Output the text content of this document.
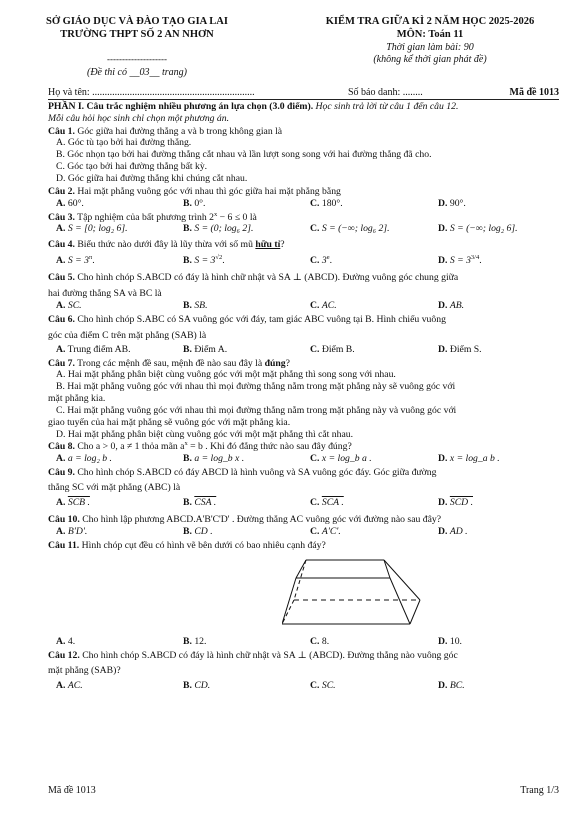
SỞ GIÁO DỤC VÀ ĐÀO TẠO GIA LAI
TRƯỜNG THPT SỐ 2 AN NHƠN
--------------------
(Đề thi có __03__ trang)
KIỂM TRA GIỮA KÌ 2 NĂM HỌC 2025-2026
MÔN: Toán 11
Thời gian làm bài: 90
(không kể thời gian phát đề)
Họ và tên: .................................................................	Số báo danh: ........	Mã đề 1013
PHẦN I. Câu trắc nghiệm nhiều phương án lựa chọn (3.0 điểm). Học sinh trả lời từ câu 1 đến câu 12.
Mỗi câu hỏi học sinh chỉ chọn một phương án.
Câu 1. Góc giữa hai đường thẳng a và b trong không gian là
A. Góc tù tạo bởi hai đường thẳng.
B. Góc nhọn tạo bởi hai đường thẳng cắt nhau và lần lượt song song với hai đường thẳng đã cho.
C. Góc tạo bởi hai đường thẳng bất kỳ.
D. Góc giữa hai đường thẳng khi chúng cắt nhau.
Câu 2. Hai mặt phẳng vuông góc với nhau thì góc giữa hai mặt phẳng bằng
A. 60°.	B. 0°.	C. 180°.	D. 90°.
Câu 3. Tập nghiệm của bất phương trình $2^x - 6 \le 0$ là
A. S = [0; log₂ 6].	B. S = (0; log₆ 2].	C. S = (−∞; log₆ 2].	D. S = (−∞; log₂ 6].
Câu 4. Biểu thức nào dưới đây là lũy thừa với số mũ hữu tỉ?
A. $S = 3^\pi$.	B. $S = 3^{√2}$.	C. 3e.	D. $S = 3^{3/4}$.
Câu 5. Cho hình chóp S.ABCD có đáy là hình chữ nhật và SA ⊥ (ABCD). Đường vuông góc chung giữa
hai đường thẳng SA và BC là
A. SC.	B. SB.	C. AC.	D. AB.
Câu 6. Cho hình chóp S.ABC có SA vuông góc với đáy, tam giác ABC vuông tại B. Hình chiếu vuông
góc của điểm C trên mặt phẳng (SAB) là
A. Trung điểm AB.	B. Điểm A.	C. Điểm B.	D. Điểm S.
Câu 7. Trong các mệnh đề sau, mệnh đề nào sau đây là đúng?
A. Hai mặt phẳng phân biệt cùng vuông góc với một mặt phẳng thì song song với nhau.
B. Hai mặt phẳng vuông góc với nhau thì mọi đường thẳng nằm trong mặt phẳng này sẽ vuông góc với
mặt phẳng kia.
C. Hai mặt phẳng vuông góc với nhau thì mọi đường thẳng nằm trong mặt phẳng này và vuông góc với
giao tuyến của hai mặt phẳng sẽ vuông góc với mặt phẳng kia.
D. Hai mặt phẳng phân biệt cùng vuông góc với một mặt phẳng thì cắt nhau.
Câu 8. Cho a > 0, a ≠ 1 thỏa mãn $a^x = b$ . Khi đó đẳng thức nào sau đây đúng?
A. a = log₂ b .	B. a = log_b x .	C. x = log_b a .	D. x = log_a b .
Câu 9. Cho hình chóp S.ABCD có đáy ABCD là hình vuông và SA vuông góc đáy. Góc giữa đường
thẳng SC với mặt phẳng (ABC) là
A. SCB .	B. CSA .	C. SCA .	D. SCD .
Câu 10. Cho hình lập phương ABCD.A'B'C'D' . Đường thẳng AC vuông góc với đường nào sau đây?
A. B'D'.	B. CD .	C. A'C'.	D. AD .
Câu 11. Hình chóp cụt đều có hình vẽ bên dưới có bao nhiêu cạnh đáy?
A. 4.	B. 12.	C. 8.	D. 10.
Câu 12. Cho hình chóp S.ABCD có đáy là hình chữ nhật và SA ⊥ (ABCD). Đường thẳng nào vuông góc
mặt phẳng (SAB)?
A. AC.	B. CD.	C. SC.	D. BC.
Mã đề 1013	Trang 1/3
